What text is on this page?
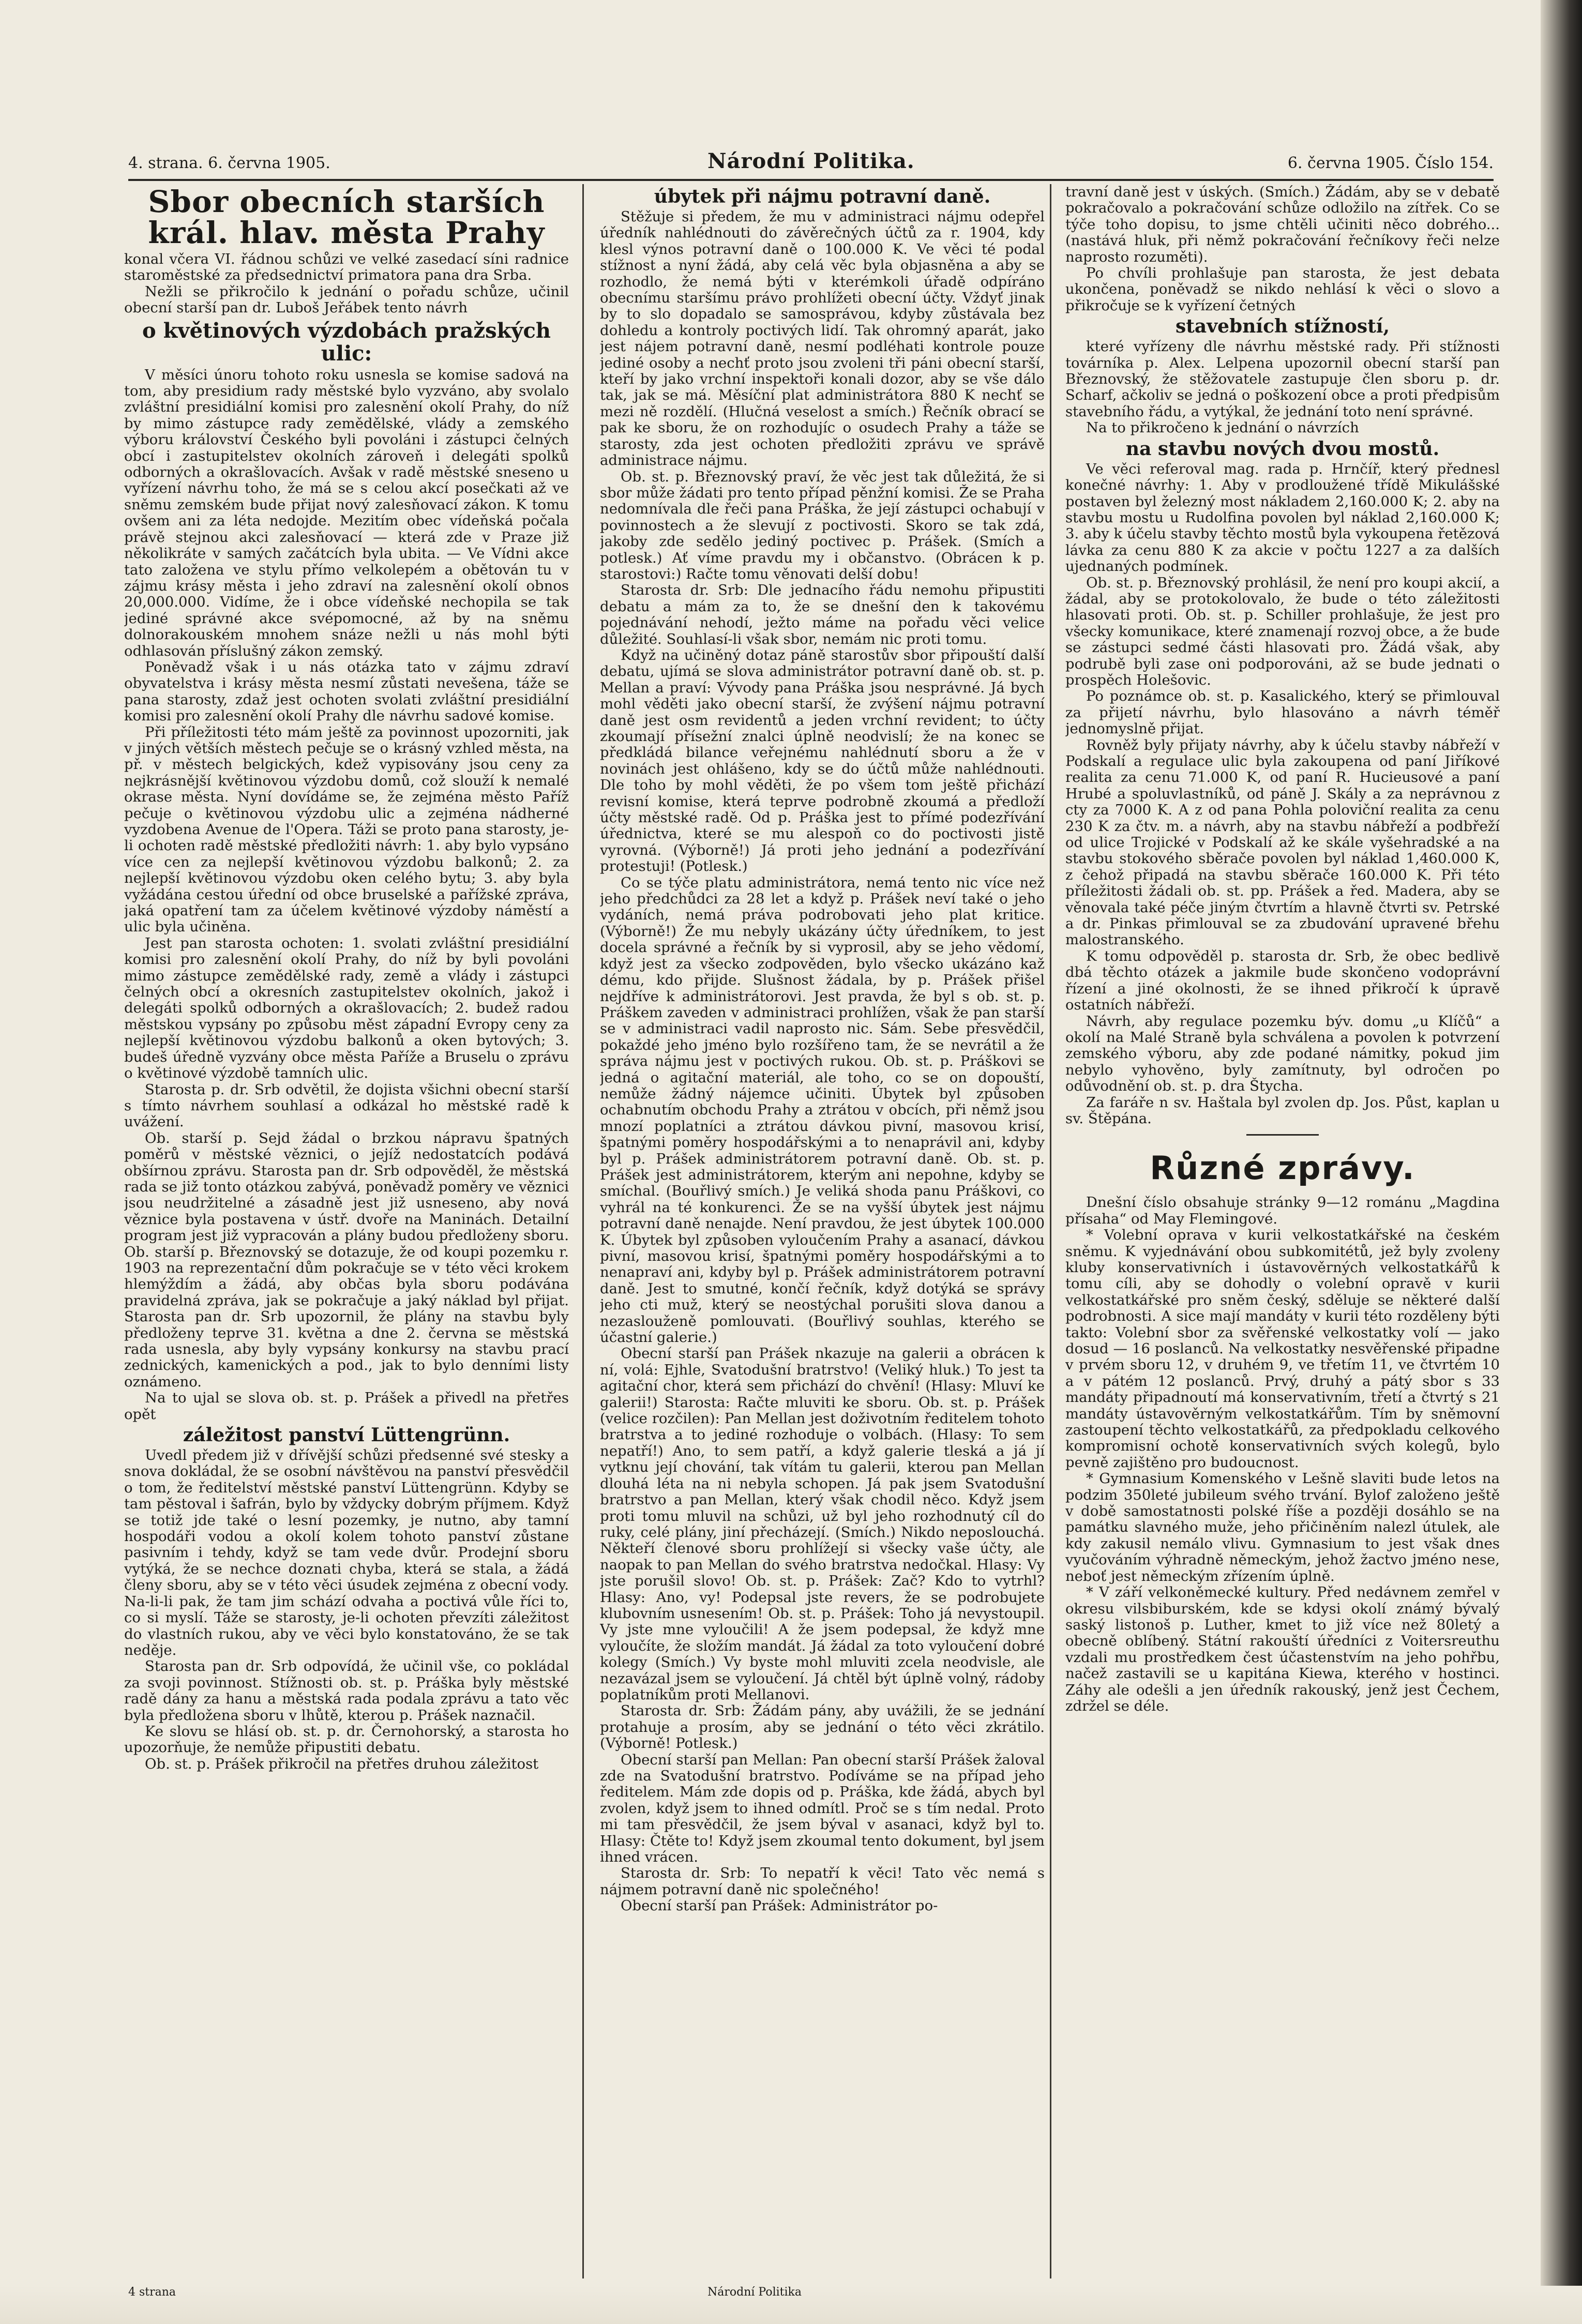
4. strana. 6. června 1905.	Národní Politika.	6. června 1905. Číslo 154.
Sbor obecních starších král. hlav. města Prahy

konal včera VI. řádnou schůzi ve velké zasedací síni radnice staroměstské za předsednictví primatora pana dra Srba.

Nežli se přikročilo k jednání o pořadu schůze, učinil obecní starší pan dr. Luboš Jeřábek tento návrh

o květinových výzdobách pražských ulic:

V měsíci únoru tohoto roku usnesla se komise sadová na tom, aby presidium rady městské bylo vyzváno, aby svolalo zvláštní presidiální komisi pro zalesnění okolí Prahy, do níž by mimo zástupce rady zemědělské, vlády a zemského výboru království Českého byli povoláni i zástupci čelných obcí i zastupitelstev okolních zároveň i delegáti spolků odborných a okrašlovacích. Avšak v radě městské sneseno u vyřízení návrhu toho, že má se s celou akcí posečkati až ve sněmu zemském bude přijat nový zalesňovací zákon. K tomu ovšem ani za léta nedojde. Mezitím obec vídeňská počala právě stejnou akci zalesňovací — která zde v Praze již několikráte v samých začátcích byla ubita. — Ve Vídni akce tato založena ve stylu přímo velkolepém a obětován tu v zájmu krásy města i jeho zdraví na zalesnění okolí obnos 20,000.000. Vidíme, že i obce vídeňské nechopila se tak jediné správné akce svépomocné, až by na sněmu dolnorakouském mnohem snáze nežli u nás mohl býti odhlasován příslušný zákon zemský.

Poněvadž však i u nás otázka tato v zájmu zdraví obyvatelstva i krásy města nesmí zůstati nevešena, táže se pana starosty, zdaž jest ochoten svolati zvláštní presidiální komisi pro zalesnění okolí Prahy dle návrhu sadové komise.

Při příležitosti této mám ještě za povinnost upozorniti, jak v jiných větších městech pečuje se o krásný vzhled města, na př. v městech belgických, kdež vypisovány jsou ceny za nejkrásnější květinovou výzdobu domů, což slouží k nemalé okrase města. Nyní dovídáme se, že zejména město Paříž pečuje o květinovou výzdobu ulic a zejména nádherné vyzdobena Avenue de l'Opera. Táži se proto pana starosty, je-li ochoten radě městské předložiti návrh: 1. aby bylo vypsáno více cen za nejlepší květinovou výzdobu balkonů; 2. za nejlepší květinovou výzdobu oken celého bytu; 3. aby byla vyžádána cestou úřední od obce bruselské a pařížské zpráva, jaká opatření tam za účelem květinové výzdoby náměstí a ulic byla učiněna.

Jest pan starosta ochoten: 1. svolati zvláštní presidiální komisi pro zalesnění okolí Prahy, do níž by byli povoláni mimo zástupce zemědělské rady, země a vlády i zástupci čelných obcí a okresních zastupitelstev okolních, jakož i delegáti spolků odborných a okrašlovacích; 2. budež radou městskou vypsány po způsobu měst západní Evropy ceny za nejlepší květinovou výzdobu balkonů a oken bytových; 3. budeš úředně vyzvány obce města Paříže a Bruselu o zprávu o květinové výzdobě tamních ulic.

Starosta p. dr. Srb odvětil, že dojista všichni obecní starší s tímto návrhem souhlasí a odkázal ho městské radě k uvážení.

Ob. starší p. Sejd žádal o brzkou nápravu špatných poměrů v městské věznici, o jejíž nedostatcích podává obšírnou zprávu. Starosta pan dr. Srb odpověděl, že městská rada se již tonto otázkou zabývá, poněvadž poměry ve věznici jsou neudržitelné a zásadně jest již usneseno, aby nová věznice byla postavena v ústř. dvoře na Maninách. Detailní program jest již vypracován a plány budou předloženy sboru. Ob. starší p. Březnovský se dotazuje, že od koupi pozemku r. 1903 na reprezentační dům pokračuje se v této věci krokem hlemýždím a žádá, aby občas byla sboru podávána pravidelná zpráva, jak se pokračuje a jaký náklad byl přijat. Starosta pan dr. Srb upozornil, že plány na stavbu byly předloženy teprve 31. května a dne 2. června se městská rada usnesla, aby byly vypsány konkursy na stavbu prací zednických, kamenických a pod., jak to bylo denními listy oznámeno.

Na to ujal se slova ob. st. p. Prášek a přivedl na přetřes opět

záležitost panství Lüttengrünn.

Uvedl předem již v dřívější schůzi předsenné své stesky a snova dokládal, že se osobní návštěvou na panství přesvědčil o tom, že ředitelství městské panství Lüttengrünn. Kdyby se tam pěstoval i šafrán, bylo by vždycky dobrým příjmem. Když se totiž jde také o lesní pozemky, je nutno, aby tamní hospodáři vodou a okolí kolem tohoto panství zůstane pasivním i tehdy, když se tam vede dvůr. Prodejní sboru vytýká, že se nechce doznati chyba, která se stala, a žádá členy sboru, aby se v této věci úsudek zejména z obecní vody. Na-li-li pak, že tam jim schází odvaha a poctivá vůle říci to, co si myslí. Táže se starosty, je-li ochoten převzíti záležitost do vlastních rukou, aby ve věci bylo konstatováno, že se tak neděje.

Starosta pan dr. Srb odpovídá, že učinil vše, co pokládal za svoji povinnost. Stížnosti ob. st. p. Práška byly městské radě dány za hanu a městská rada podala zprávu a tato věc byla předložena sboru v lhůtě, kterou p. Prášek naznačil.

Ke slovu se hlásí ob. st. p. dr. Černohorský, a starosta ho upozorňuje, že nemůže připustiti debatu.

Ob. st. p. Prášek přikročil na přetřes druhou záležitost

úbytek při nájmu potravní daně.

Stěžuje si předem, že mu v administraci nájmu odepřel úředník nahlédnouti do závěrečných účtů za r. 1904, kdy klesl výnos potravní daně o 100.000 K. Ve věci té podal stížnost a nyní žádá, aby celá věc byla objasněna a aby se rozhodlo, že nemá býti v kterémkoli úřadě odpíráno obecnímu staršímu právo prohlížeti obecní účty. Vždyť jinak by to slo dopadalo se samosprávou, kdyby zůstávala bez dohledu a kontroly poctivých lidí. Tak ohromný aparát, jako jest nájem potravní daně, nesmí podléhati kontrole pouze jediné osoby a nechť proto jsou zvoleni tři páni obecní starší, kteří by jako vrchní inspektoři konali dozor, aby se vše dálo tak, jak se má. Měsíční plat administrátora 880 K nechť se mezi ně rozdělí. (Hlučná veselost a smích.) Řečník obrací se pak ke sboru, že on rozhodujíc o osudech Prahy a táže se starosty, zda jest ochoten předložiti zprávu ve správě administrace nájmu.

Ob. st. p. Březnovský praví, že věc jest tak důležitá, že si sbor může žádati pro tento případ pěnžní komisi. Že se Praha nedomnívala dle řeči pana Práška, že její zástupci ochabují v povinnostech a že slevují z poctivosti. Skoro se tak zdá, jakoby zde sedělo jediný poctivec p. Prášek. (Smích a potlesk.) Ať víme pravdu my i občanstvo. (Obrácen k p. starostovi:) Račte tomu věnovati delší dobu!

Starosta dr. Srb: Dle jednacího řádu nemohu připustiti debatu a mám za to, že se dnešní den k takovému pojednávání nehodí, ježto máme na pořadu věci velice důležité. Souhlasí-li však sbor, nemám nic proti tomu.

Když na učiněný dotaz páně starostův sbor připouští další debatu, ujímá se slova administrátor potravní daně ob. st. p. Mellan a praví: Vývody pana Práška jsou nesprávné. Já bych mohl věděti jako obecní starší, že zvýšení nájmu potravní daně jest osm revidentů a jeden vrchní revident; to účty zkoumají přísežní znalci úplně neodvislí; že na konec se předkládá bilance veřejnému nahlédnutí sboru a že v novinách jest ohlášeno, kdy se do účtů může nahlédnouti. Dle toho by mohl věděti, že po všem tom ještě přichází revisní komise, která teprve podrobně zkoumá a předloží účty městské radě. Od p. Práška jest to přímé podezřívání úřednictva, které se mu alespoň co do poctivosti jistě vyrovná. (Výborně!) Já proti jeho jednání a podezřívání protestuji! (Potlesk.)

Co se týče platu administrátora, nemá tento nic více než jeho předchůdci za 28 let a když p. Prášek neví také o jeho vydáních, nemá práva podrobovati jeho plat kritice. (Výborně!) Že mu nebyly ukázány účty úředníkem, to jest docela správné a řečník by si vyprosil, aby se jeho vědomí, když jest za všecko zodpověden, bylo všecko ukázáno kaž dému, kdo přijde. Slušnost žádala, by p. Prášek přišel nejdříve k administrátorovi. Jest pravda, že byl s ob. st. p. Práškem zaveden v administraci prohlížen, však že pan starší se v administraci vadil naprosto nic. Sám. Sebe přesvědčil, pokaždé jeho jméno bylo rozšířeno tam, že se nevrátil a že správa nájmu jest v poctivých rukou. Ob. st. p. Práškovi se jedná o agitační materiál, ale toho, co se on dopouští, nemůže žádný nájemce učiniti. Úbytek byl způsoben ochabnutím obchodu Prahy a ztrátou v obcích, při němž jsou mnozí poplatníci a ztrátou dávkou pivní, masovou krisí, špatnými poměry hospodářskými a to nenaprávil ani, kdyby byl p. Prášek administrátorem potravní daně. Ob. st. p. Prášek jest administrátorem, kterým ani nepohne, kdyby se smíchal. (Bouřlivý smích.) Je veliká shoda panu Práškovi, co vyhrál na té konkurenci. Že se na vyšší úbytek jest nájmu potravní daně nenajde. Není pravdou, že jest úbytek 100.000 K. Úbytek byl způsoben vyloučením Prahy a asanací, dávkou pivní, masovou krisí, špatnými poměry hospodářskými a to nenapraví ani, kdyby byl p. Prášek administrátorem potravní daně. Jest to smutné, končí řečník, když dotýká se správy jeho cti muž, který se neostýchal porušiti slova danou a nezaslouženě pomlouvati. (Bouřlivý souhlas, kterého se účastní galerie.)

Obecní starší pan Prášek nkazuje na galerii a obrácen k ní, volá: Ejhle, Svatodušní bratrstvo! (Veliký hluk.) To jest ta agitační chor, která sem přichází do chvění! (Hlasy: Mluví ke galerii!) Starosta: Račte mluviti ke sboru. Ob. st. p. Prášek (velice rozčilen): Pan Mellan jest doživotním ředitelem tohoto bratrstva a to jediné rozhoduje o volbách. (Hlasy: To sem nepatří!) Ano, to sem patří, a když galerie tleská a já jí vytknu její chování, tak vítám tu galerii, kterou pan Mellan dlouhá léta na ni nebyla schopen. Já pak jsem Svatodušní bratrstvo a pan Mellan, který však chodil něco. Když jsem proti tomu mluvil na schůzi, už byl jeho rozhodnutý cíl do ruky, celé plány, jiní přecházejí. (Smích.) Nikdo neposlouchá. Někteří členové sboru prohlížejí si všecky vaše účty, ale naopak to pan Mellan do svého bratrstva nedočkal. Hlasy: Vy jste porušil slovo! Ob. st. p. Prášek: Zač? Kdo to vytrhl? Hlasy: Ano, vy! Podepsal jste revers, že se podrobujete klubovním usnesením! Ob. st. p. Prášek: Toho já nevystoupil. Vy jste mne vyloučili! A že jsem podepsal, že když mne vyloučíte, že složím mandát. Já žádal za toto vyloučení dobré kolegy (Smích.) Vy byste mohl mluviti zcela neodvisle, ale nezavázal jsem se vyloučení. Já chtěl být úplně volný, rádoby poplatníkům proti Mellanovi.

Starosta dr. Srb: Žádám pány, aby uvážili, že se jednání protahuje a prosím, aby se jednání o této věci zkrátilo. (Výborně! Potlesk.)

Obecní starší pan Mellan: Pan obecní starší Prášek žaloval zde na Svatodušní bratrstvo. Podíváme se na případ jeho ředitelem. Mám zde dopis od p. Práška, kde žádá, abych byl zvolen, když jsem to ihned odmítl. Proč se s tím nedal. Proto mi tam přesvědčil, že jsem býval v asanaci, když byl to. Hlasy: Čtěte to! Když jsem zkoumal tento dokument, byl jsem ihned vrácen.

Starosta dr. Srb: To nepatří k věci! Tato věc nemá s nájmem potravní daně nic společného!

Obecní starší pan Prášek: Administrátor po-

travní daně jest v úských. (Smích.) Žádám, aby se v debatě pokračovalo a pokračování schůze odložilo na zítřek. Co se týče toho dopisu, to jsme chtěli učiniti něco dobrého... (nastává hluk, při němž pokračování řečníkovy řeči nelze naprosto rozuměti).

Po chvíli prohlašuje pan starosta, že jest debata ukončena, poněvadž se nikdo nehlásí k věci o slovo a přikročuje se k vyřízení četných

stavebních stížností,

které vyřízeny dle návrhu městské rady. Při stížnosti továrníka p. Alex. Lelpena upozornil obecní starší pan Březnovský, že stěžovatele zastupuje člen sboru p. dr. Scharf, ačkoliv se jedná o poškození obce a proti předpisům stavebního řádu, a vytýkal, že jednání toto není správné.

Na to přikročeno k jednání o návrzích

na stavbu nových dvou mostů.

Ve věci referoval mag. rada p. Hrnčíř, který přednesl konečné návrhy: 1. Aby v prodloužené třídě Mikulášské postaven byl železný most nákladem 2,160.000 K; 2. aby na stavbu mostu u Rudolfina povolen byl náklad 2,160.000 K; 3. aby k účelu stavby těchto mostů byla vykoupena řetězová lávka za cenu 880 K za akcie v počtu 1227 a za dalších ujednaných podmínek.

Ob. st. p. Březnovský prohlásil, že není pro koupi akcií, a žádal, aby se protokolovalo, že bude o této záležitosti hlasovati proti. Ob. st. p. Schiller prohlašuje, že jest pro všecky komunikace, které znamenají rozvoj obce, a že bude se zástupci sedmé části hlasovati pro. Žádá však, aby podrubě byli zase oni podporováni, až se bude jednati o prospěch Holešovic.

Po poznámce ob. st. p. Kasalického, který se přimlouval za přijetí návrhu, bylo hlasováno a návrh téměř jednomyslně přijat.

Rovněž byly přijaty návrhy, aby k účelu stavby nábřeží v Podskalí a regulace ulic byla zakoupena od paní Jiříkové realita za cenu 71.000 K, od paní R. Hucieusové a paní Hrubé a spoluvlastníků, od páně J. Skály a za neprávnou z cty za 7000 K. A z od pana Pohla poloviční realita za cenu 230 K za čtv. m. a návrh, aby na stavbu nábřeží a podbřeží od ulice Trojické v Podskalí až ke skále vyšehradské a na stavbu stokového sběrače povolen byl náklad 1,460.000 K, z čehož připadá na stavbu sběrače 160.000 K. Při této příležitosti žádali ob. st. pp. Prášek a řed. Madera, aby se věnovala také péče jiným čtvrtím a hlavně čtvrti sv. Petrské a dr. Pinkas přimlouval se za zbudování upravené břehu malostranského.

K tomu odpověděl p. starosta dr. Srb, že obec bedlivě dbá těchto otázek a jakmile bude skončeno vodoprávní řízení a jiné okolnosti, že se ihned přikročí k úpravě ostatních nábřeží.

Návrh, aby regulace pozemku býv. domu „u Klíčů“ a okolí na Malé Straně byla schválena a povolen k potvrzení zemského výboru, aby zde podané námitky, pokud jim nebylo vyhověno, byly zamítnuty, byl odročen po odůvodnění ob. st. p. dra Štycha.

Za faráře n sv. Haštala byl zvolen dp. Jos. Půst, kaplan u sv. Štěpána.

Různé zprávy.

Dnešní číslo obsahuje stránky 9—12 románu „Magdina přísaha“ od May Flemingové.

* Volební oprava v kurii velkostatkářské na českém sněmu. K vyjednávání obou subkomitétů, jež byly zvoleny kluby konservativních i ústavověrných velkostatkářů k tomu cíli, aby se dohodly o volební opravě v kurii velkostatkářské pro sněm český, sděluje se některé další podrobnosti. A sice mají mandáty v kurii této rozděleny býti takto: Volební sbor za svěřenské velkostatky volí — jako dosud — 16 poslanců. Na velkostatky nesvěřenské připadne v prvém sboru 12, v druhém 9, ve třetím 11, ve čtvrtém 10 a v pátém 12 poslanců. Prvý, druhý a pátý sbor s 33 mandáty připadnoutí má konservativním, třetí a čtvrtý s 21 mandáty ústavověrným velkostatkářům. Tím by sněmovní zastoupení těchto velkostatkářů, za předpokladu celkového kompromisní ochotě konservativních svých kolegů, bylo pevně zajištěno pro budoucnost.

* Gymnasium Komenského v Lešně slaviti bude letos na podzim 350leté jubileum svého trvání. Bylof založeno ještě v době samostatnosti polské říše a později dosáhlo se na památku slavného muže, jeho přičiněním nalezl útulek, ale kdy zakusil nemálo vlivu. Gymnasium to jest však dnes vyučováním výhradně německým, jehož žactvo jméno nese, neboť jest německým zřízením úplně.

* V září velkoněmecké kultury. Před nedávnem zemřel v okresu vilsbiburském, kde se kdysi okolí známý bývalý saský listonoš p. Luther, kmet to již více než 80letý a obecně oblíbený. Státní rakouští úředníci z Voitersreuthu vzdali mu prostředkem čest účastenstvím na jeho pohřbu, načež zastavili se u kapitána Kiewa, kterého v hostinci. Záhy ale odešli a jen úředník rakouský, jenž jest Čechem, zdržel se déle.

4 strana	Národní Politika
